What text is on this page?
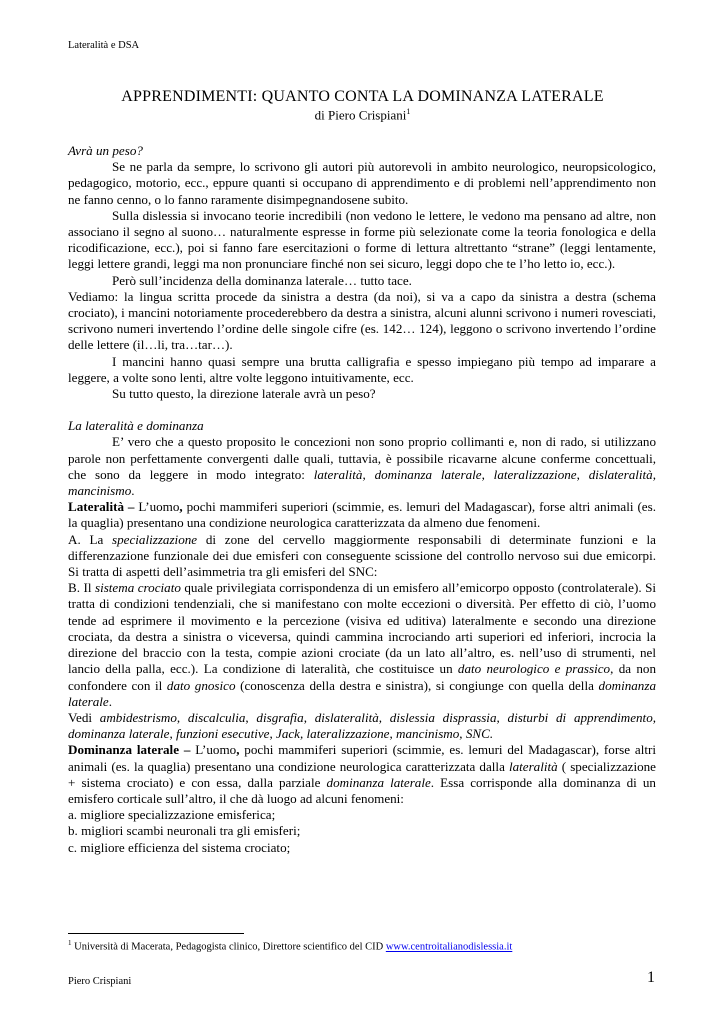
Lateralità e DSA
APPRENDIMENTI: QUANTO CONTA LA DOMINANZA LATERALE
di Piero Crispiani$^1$

Avrà un peso?

Se ne parla da sempre, lo scrivono gli autori più autorevoli in ambito neurologico, neuropsicologico, pedagogico, motorio, ecc., eppure quanti si occupano di apprendimento e di problemi nell’apprendimento non ne fanno cenno, o lo fanno raramente disimpegnandosene subito.

Sulla dislessia si invocano teorie incredibili (non vedono le lettere, le vedono ma pensano ad altre, non associano il segno al suono… naturalmente espresse in forme più selezionate come la teoria fonologica e della ricodificazione, ecc.), poi si fanno fare esercitazioni o forme di lettura altrettanto “strane” (leggi lentamente, leggi lettere grandi, leggi ma non pronunciare finché non sei sicuro, leggi dopo che te l’ho letto io, ecc.).

Però sull’incidenza della dominanza laterale… tutto tace.

Vediamo: la lingua scritta procede da sinistra a destra (da noi), si va a capo da sinistra a destra (schema crociato), i mancini notoriamente procederebbero da destra a sinistra, alcuni alunni scrivono i numeri rovesciati, scrivono numeri invertendo l’ordine delle singole cifre (es. 142… 124), leggono o scrivono invertendo l’ordine delle lettere (il…li, tra…tar…).

I mancini hanno quasi sempre una brutta calligrafia e spesso impiegano più tempo ad imparare a leggere, a volte sono lenti, altre volte leggono intuitivamente, ecc.

Su tutto questo, la direzione laterale avrà un peso?

La lateralità e dominanza

E’ vero che a questo proposito le concezioni non sono proprio collimanti e, non di rado, si utilizzano parole non perfettamente convergenti dalle quali, tuttavia, è possibile ricavarne alcune conferme concettuali, che sono da leggere in modo integrato: lateralità, dominanza laterale, lateralizzazione, dislateralità, mancinismo.

Lateralità – L’uomo, pochi mammiferi superiori (scimmie, es. lemuri del Madagascar), forse altri animali (es. la quaglia) presentano una condizione neurologica caratterizzata da almeno due fenomeni.

A. La specializzazione di zone del cervello maggiormente responsabili di determinate funzioni e la differenzazione funzionale dei due emisferi con conseguente scissione del controllo nervoso sui due emicorpi. Si tratta di aspetti dell’asimmetria tra gli emisferi del SNC:

B. Il sistema crociato quale privilegiata corrispondenza di un emisfero all’emicorpo opposto (controlaterale). Si tratta di condizioni tendenziali, che si manifestano con molte eccezioni o diversità. Per effetto di ciò, l’uomo tende ad esprimere il movimento e la percezione (visiva ed uditiva) lateralmente e secondo una direzione crociata, da destra a sinistra o viceversa, quindi cammina incrociando arti superiori ed inferiori, incrocia la direzione del braccio con la testa, compie azioni crociate (da un lato all’altro, es. nell’uso di strumenti, nel lancio della palla, ecc.). La condizione di lateralità, che costituisce un dato neurologico e prassico, da non confondere con il dato gnosico (conoscenza della destra e sinistra), si congiunge con quella della dominanza laterale.

Vedi ambidestrismo, discalculia, disgrafia, dislateralità, dislessia disprassia, disturbi di apprendimento, dominanza laterale, funzioni esecutive, Jack, lateralizzazione, mancinismo, SNC.

Dominanza laterale – L’uomo, pochi mammiferi superiori (scimmie, es. lemuri del Madagascar), forse altri animali (es. la quaglia) presentano una condizione neurologica caratterizzata dalla lateralità ( specializzazione + sistema crociato) e con essa, dalla parziale dominanza laterale. Essa corrisponde alla dominanza di un emisfero corticale sull’altro, il che dà luogo ad alcuni fenomeni:

a. migliore specializzazione emisferica;

b. migliori scambi neuronali tra gli emisferi;

c. migliore efficienza del sistema crociato;

$^1$ Università di Macerata, Pedagogista clinico, Direttore scientifico del CID www.centroitalianodislessia.it
Piero Crispiani	1
